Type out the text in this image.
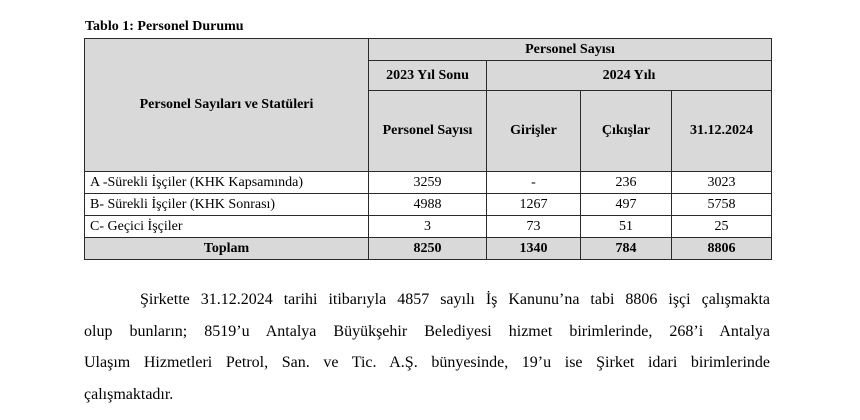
Tablo 1: Personel Durumu
Personel Sayıları ve Statüleri	Personel Sayısı			
	2023 Yıl Sonu	2024 Yılı		
	Personel Sayısı	Girişler	Çıkışlar	31.12.2024
A -Sürekli İşçiler (KHK Kapsamında)	3259	-	236	3023
B- Sürekli İşçiler (KHK Sonrası)	4988	1267	497	5758
C- Geçici İşçiler	3	73	51	25
Toplam	8250	1340	784	8806
Şirkette 31.12.2024 tarihi itibarıyla 4857 sayılı İş Kanunu’na tabi 8806 işçi çalışmakta
olup bunların; 8519’u Antalya Büyükşehir Belediyesi hizmet birimlerinde, 268’i Antalya
Ulaşım Hizmetleri Petrol, San. ve Tic. A.Ş. bünyesinde, 19’u ise Şirket idari birimlerinde
çalışmaktadır.
